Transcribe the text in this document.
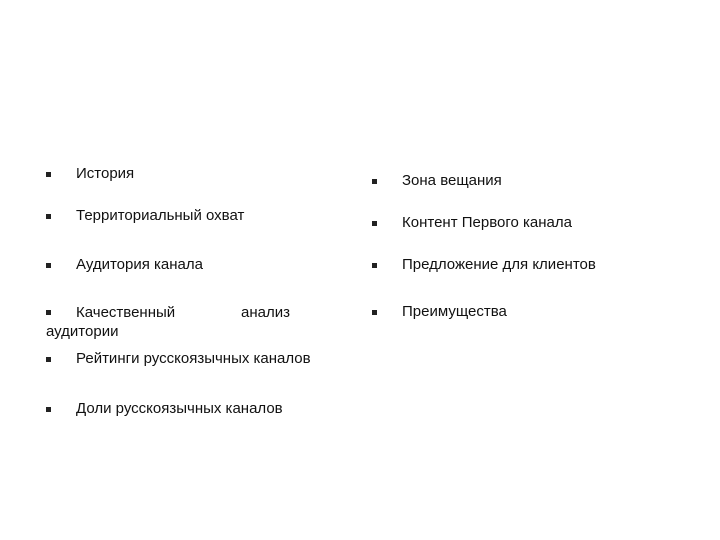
История
Территориальный охват
Аудитория канала
Качественный	анализ
аудитории
Рейтинги русскоязычных каналов
Доли русскоязычных каналов
Зона вещания
Контент Первого канала
Предложение для клиентов
Преимущества
